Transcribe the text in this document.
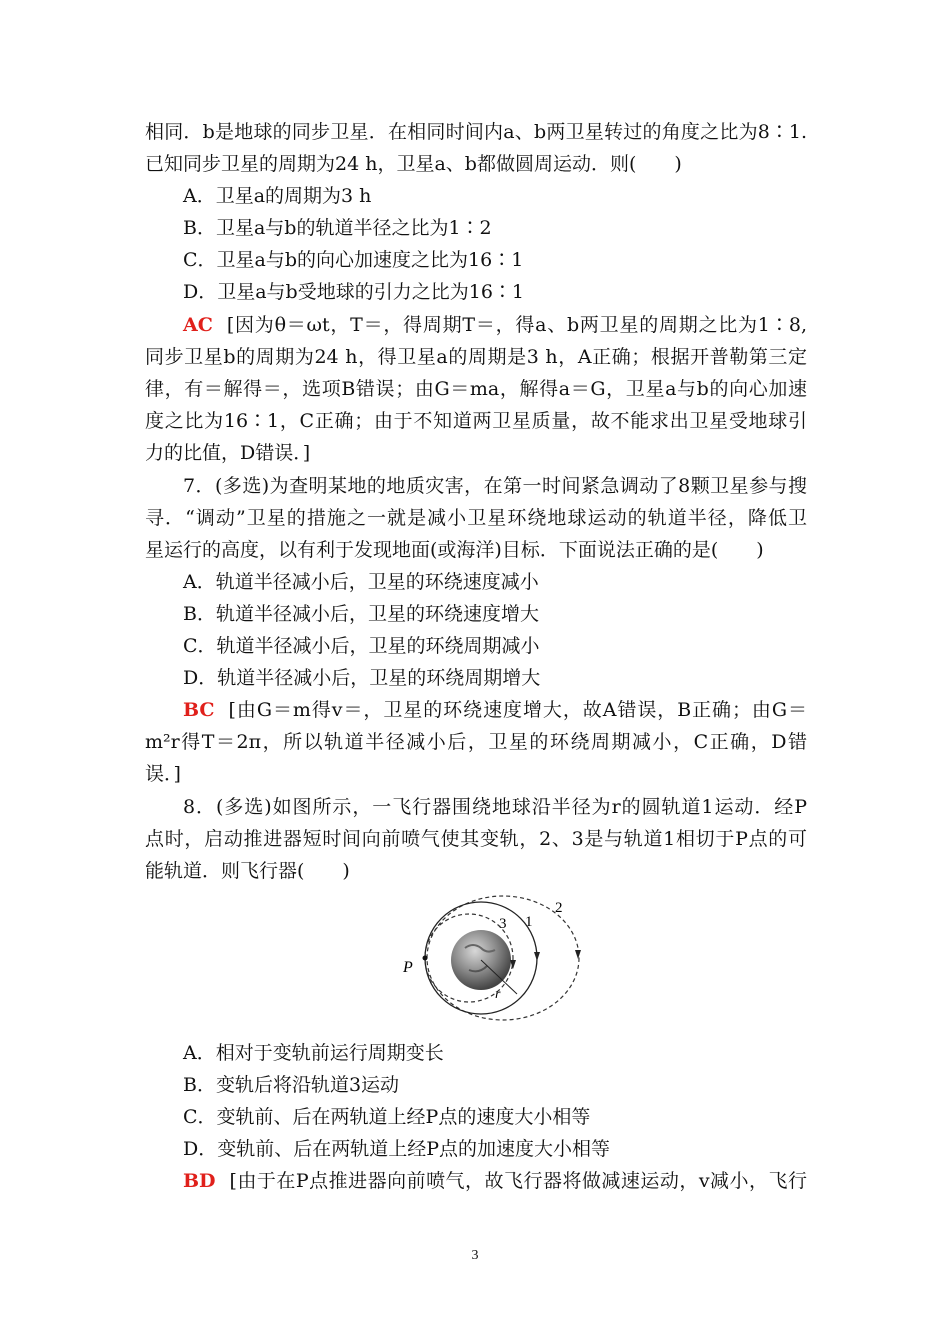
相同．b是地球的同步卫星．在相同时间内a、b两卫星转过的角度之比为8∶1.
已知同步卫星的周期为24 h，卫星a、b都做圆周运动．则(　　)
A．卫星a的周期为3 h
B．卫星a与b的轨道半径之比为1∶2
C．卫星a与b的向心加速度之比为16∶1
D．卫星a与b受地球的引力之比为16∶1
AC [因为θ＝ωt，T＝，得周期T＝，得a、b两卫星的周期之比为1∶8,
同步卫星b的周期为24 h，得卫星a的周期是3 h，A正确；根据开普勒第三定
律，有＝解得＝，选项B错误；由G＝ma，解得a＝G，卫星a与b的向心加速
度之比为16∶1，C正确；由于不知道两卫星质量，故不能求出卫星受地球引
力的比值，D错误．]
7．(多选)为查明某地的地质灾害，在第一时间紧急调动了8颗卫星参与搜
寻．“调动”卫星的措施之一就是减小卫星环绕地球运动的轨道半径，降低卫
星运行的高度，以有利于发现地面(或海洋)目标．下面说法正确的是(　　)
A．轨道半径减小后，卫星的环绕速度减小
B．轨道半径减小后，卫星的环绕速度增大
C．轨道半径减小后，卫星的环绕周期减小
D．轨道半径减小后，卫星的环绕周期增大
BC [由G＝m得v＝，卫星的环绕速度增大，故A错误，B正确；由G＝
m²r得T＝2π，所以轨道半径减小后，卫星的环绕周期减小，C正确，D错
误．]
8．(多选)如图所示，一飞行器围绕地球沿半径为r的圆轨道1运动．经P
点时，启动推进器短时间向前喷气使其变轨，2、3是与轨道1相切于P点的可
能轨道．则飞行器(　　)
P
r
1
2
3
A．相对于变轨前运行周期变长
B．变轨后将沿轨道3运动
C．变轨前、后在两轨道上经P点的速度大小相等
D．变轨前、后在两轨道上经P点的加速度大小相等
BD [由于在P点推进器向前喷气，故飞行器将做减速运动，v减小，飞行
3
